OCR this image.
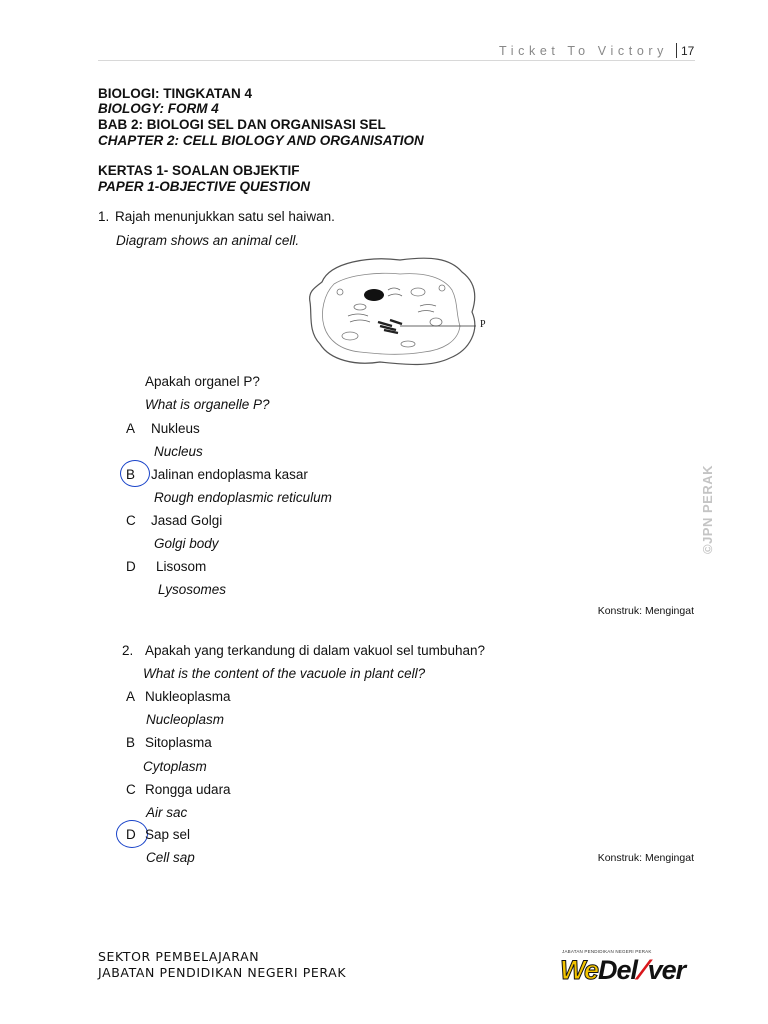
Ticket To Victory 17
BIOLOGI: TINGKATAN 4
BIOLOGY: FORM 4
BAB 2: BIOLOGI SEL DAN ORGANISASI SEL
CHAPTER 2: CELL BIOLOGY AND ORGANISATION
KERTAS 1- SOALAN OBJEKTIF
PAPER 1-OBJECTIVE QUESTION
1. Rajah menunjukkan satu sel haiwan.
Diagram shows an animal cell.
P
Apakah organel P?
What is organelle P?
A Nukleus
Nucleus
B Jalinan endoplasma kasar
Rough endoplasmic reticulum
C Jasad Golgi
Golgi body
D Lisosom
Lysosomes
Konstruk: Mengingat
©JPN PERAK
2. Apakah yang terkandung di dalam vakuol sel tumbuhan?
What is the content of the vacuole in plant cell?
A Nukleoplasma
Nucleoplasm
B Sitoplasma
Cytoplasm
C Rongga udara
Air sac
D Sap sel
Cell sap	Konstruk: Mengingat
SEKTOR PEMBELAJARAN
JABATAN PENDIDIKAN NEGERI PERAK
JABATAN PENDIDIKAN NEGERI PERAK
WeDel/ver
